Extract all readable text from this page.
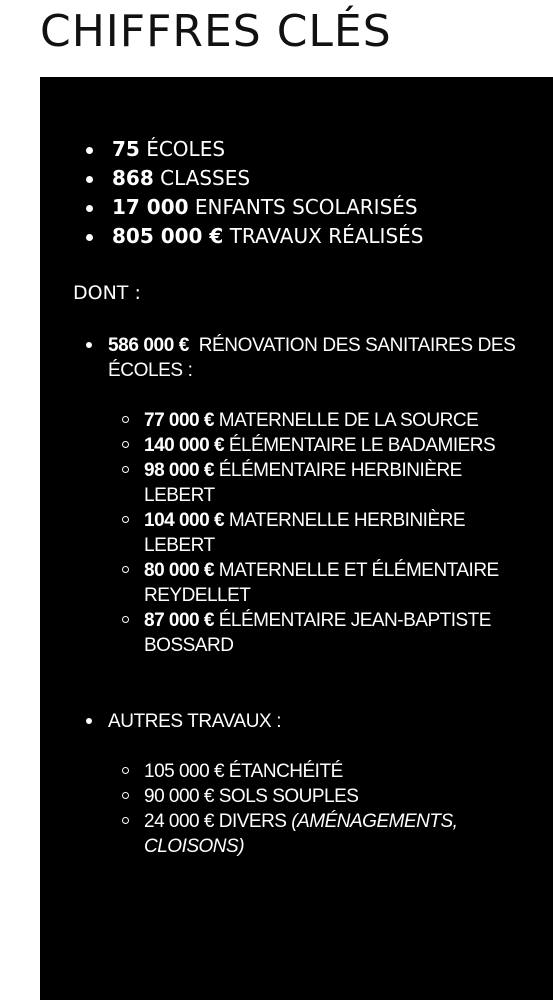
CHIFFRES CLÉS
75 ÉCOLES
868 CLASSES
17 000 ENFANTS SCOLARISÉS
805 000 € TRAVAUX RÉALISÉS

DONT :

586 000 € RÉNOVATION DES SANITAIRES DES ÉCOLES :
77 000 € MATERNELLE DE LA SOURCE
140 000 € ÉLÉMENTAIRE LE BADAMIERS
98 000 € ÉLÉMENTAIRE HERBINIÈRE LEBERT
104 000 € MATERNELLE HERBINIÈRE LEBERT
80 000 € MATERNELLE ET ÉLÉMENTAIRE REYDELLET
87 000 € ÉLÉMENTAIRE JEAN-BAPTISTE BOSSARD
AUTRES TRAVAUX :
105 000 € ÉTANCHÉITÉ
90 000 € SOLS SOUPLES
24 000 € DIVERS (AMÉNAGEMENTS, CLOISONS)
